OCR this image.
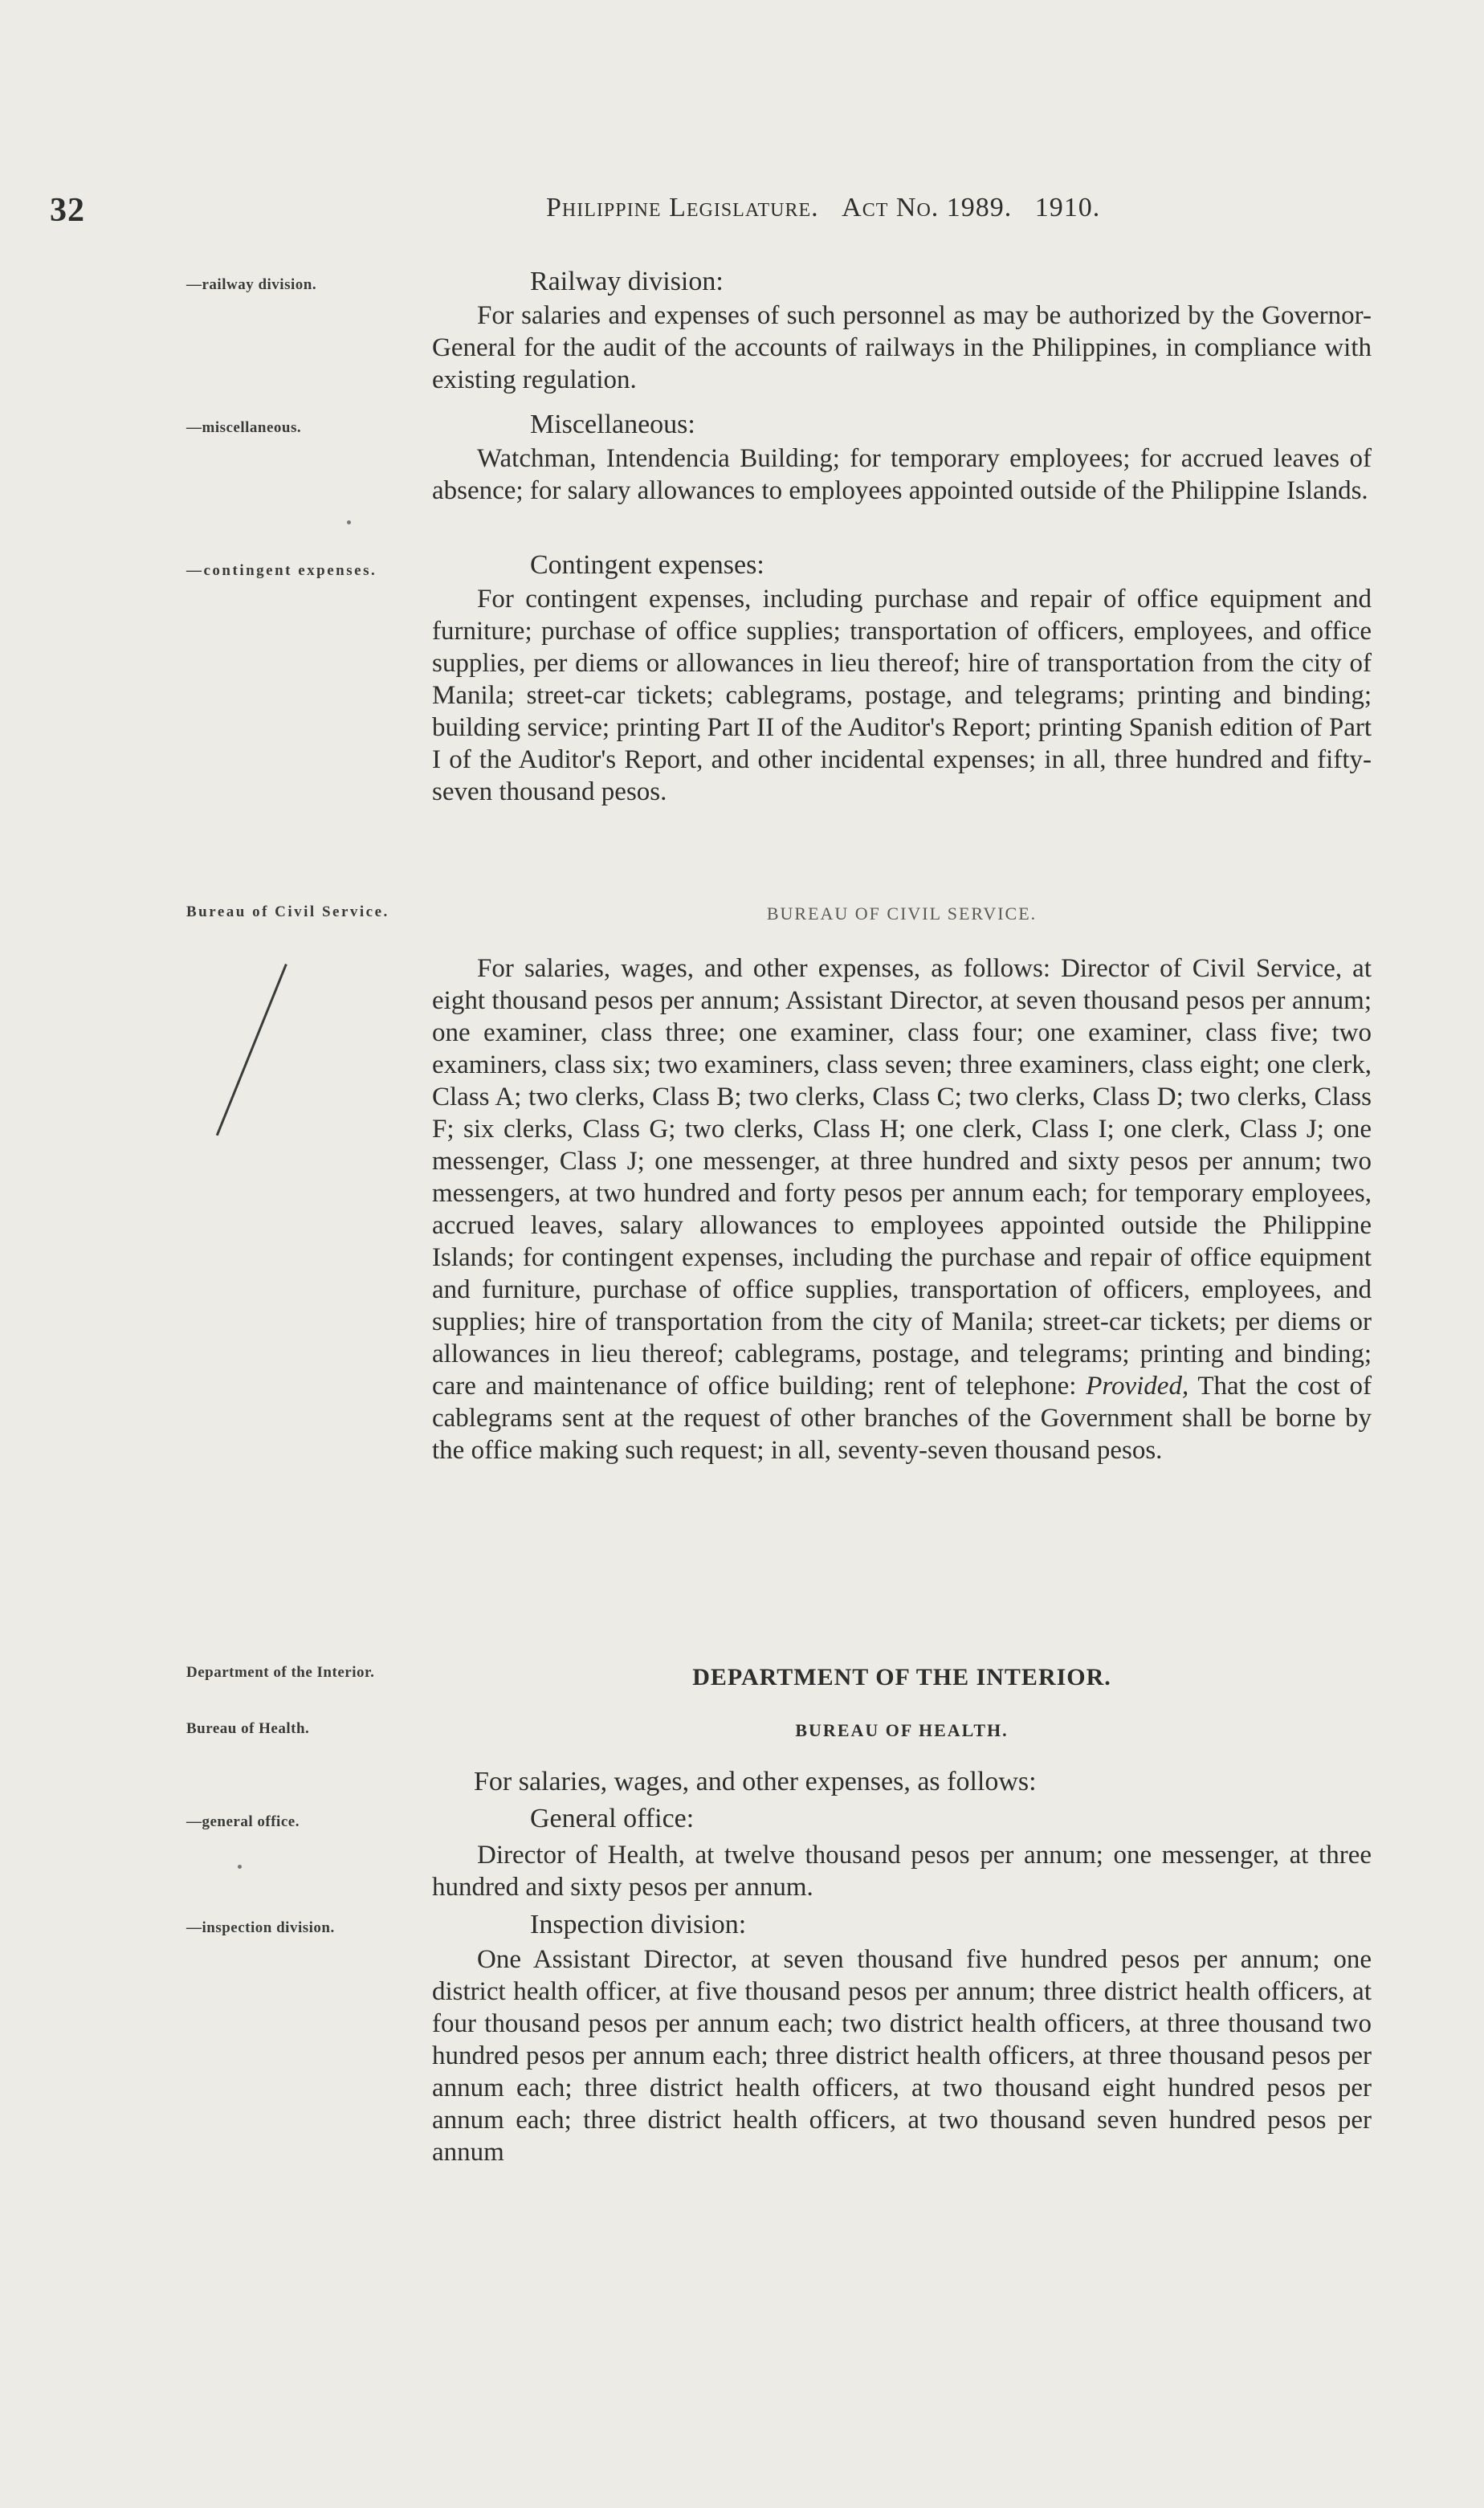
32	Philippine Legislature. Act No. 1989. 1910.
—railway division.
—miscellaneous.
—contingent expenses.
Bureau of Civil Service.
Department of the Interior.
Bureau of Health.
—general office.
—inspection division.
Railway division:
For salaries and expenses of such personnel as may be authorized by the Governor-General for the audit of the accounts of railways in the Philippines, in compliance with existing regulation.
Miscellaneous:
Watchman, Intendencia Building; for temporary employees; for accrued leaves of absence; for salary allowances to employees appointed outside of the Philippine Islands.
Contingent expenses:
For contingent expenses, including purchase and repair of office equipment and furniture; purchase of office supplies; transportation of officers, employees, and office supplies, per diems or allowances in lieu thereof; hire of transportation from the city of Manila; street-car tickets; cablegrams, postage, and telegrams; printing and binding; building service; printing Part II of the Auditor's Report; printing Spanish edition of Part I of the Auditor's Report, and other incidental expenses; in all, three hundred and fifty-seven thousand pesos.
BUREAU OF CIVIL SERVICE.
For salaries, wages, and other expenses, as follows: Director of Civil Service, at eight thousand pesos per annum; Assistant Director, at seven thousand pesos per annum; one examiner, class three; one examiner, class four; one examiner, class five; two examiners, class six; two examiners, class seven; three examiners, class eight; one clerk, Class A; two clerks, Class B; two clerks, Class C; two clerks, Class D; two clerks, Class F; six clerks, Class G; two clerks, Class H; one clerk, Class I; one clerk, Class J; one messenger, Class J; one messenger, at three hundred and sixty pesos per annum; two messengers, at two hundred and forty pesos per annum each; for temporary employees, accrued leaves, salary allowances to employees appointed outside the Philippine Islands; for contingent expenses, including the purchase and repair of office equipment and furniture, purchase of office supplies, transportation of officers, employees, and supplies; hire of transportation from the city of Manila; street-car tickets; per diems or allowances in lieu thereof; cablegrams, postage, and telegrams; printing and binding; care and maintenance of office building; rent of telephone: Provided, That the cost of cablegrams sent at the request of other branches of the Government shall be borne by the office making such request; in all, seventy-seven thousand pesos.
DEPARTMENT OF THE INTERIOR.
BUREAU OF HEALTH.
For salaries, wages, and other expenses, as follows:
General office:
Director of Health, at twelve thousand pesos per annum; one messenger, at three hundred and sixty pesos per annum.
Inspection division:
One Assistant Director, at seven thousand five hundred pesos per annum; one district health officer, at five thousand pesos per annum; three district health officers, at four thousand pesos per annum each; two district health officers, at three thousand two hundred pesos per annum each; three district health officers, at three thousand pesos per annum each; three district health officers, at two thousand eight hundred pesos per annum each; three district health officers, at two thousand seven hundred pesos per annum
